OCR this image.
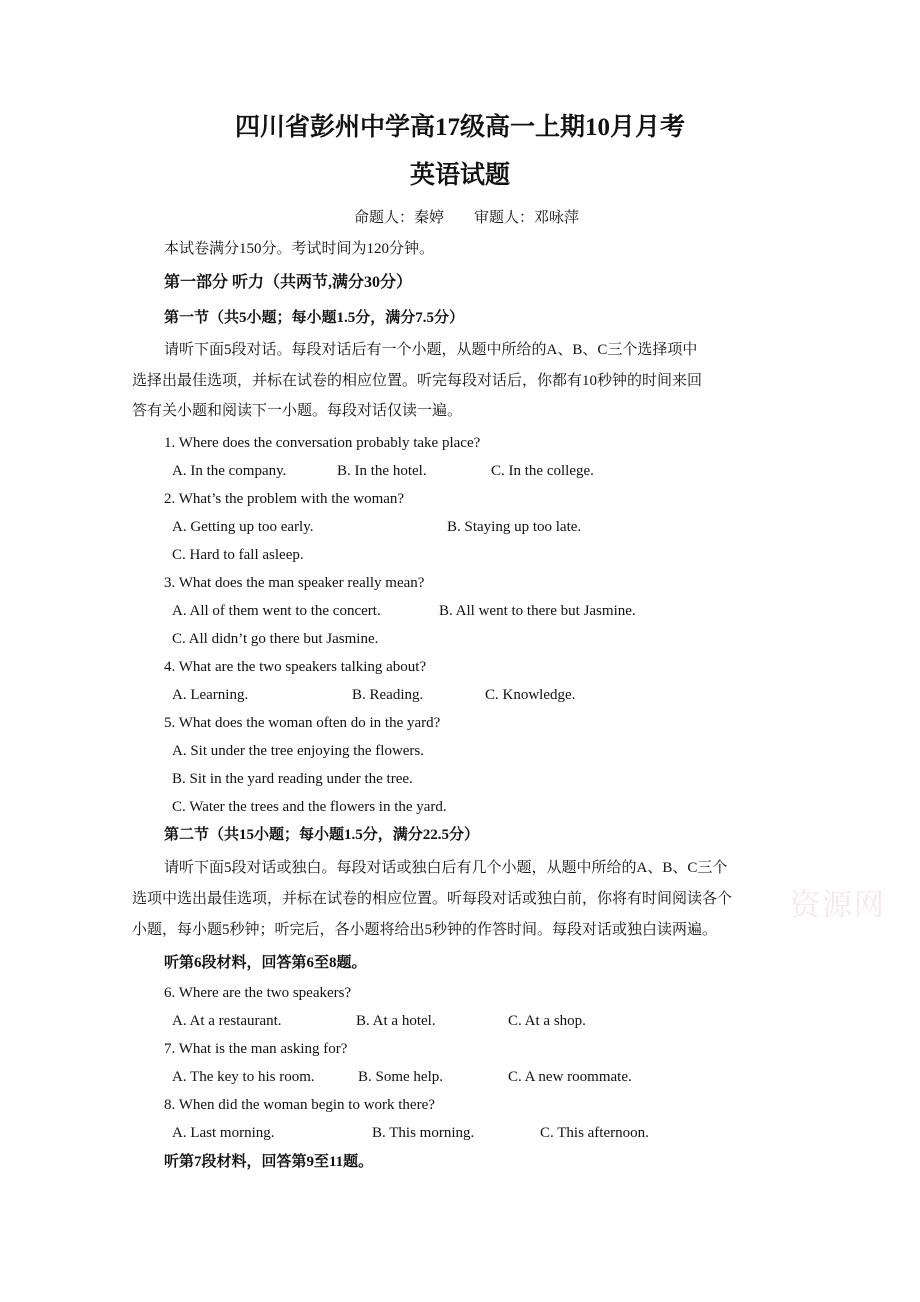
四川省彭州中学高17级高一上期10月月考
英语试题
命题人：秦婷　　审题人：邓咏萍
本试卷满分150分。考试时间为120分钟。
第一部分 听力（共两节,满分30分）
第一节（共5小题；每小题1.5分，满分7.5分）
请听下面5段对话。每段对话后有一个小题，从题中所给的A、B、C三个选择项中
选择出最佳选项，并标在试卷的相应位置。听完每段对话后，你都有10秒钟的时间来回
答有关小题和阅读下一小题。每段对话仅读一遍。
1. Where does the conversation probably take place?
A. In the company.	B. In the hotel.	C. In the college.
2. What’s the problem with the woman?
A. Getting up too early.	B. Staying up too late.
C. Hard to fall asleep.
3. What does the man speaker really mean?
A. All of them went to the concert.	B. All went to there but Jasmine.
C. All didn’t go there but Jasmine.
4. What are the two speakers talking about?
A. Learning.	B. Reading.	C. Knowledge.
5. What does the woman often do in the yard?
A. Sit under the tree enjoying the flowers.
B. Sit in the yard reading under the tree.
C. Water the trees and the flowers in the yard.
第二节（共15小题；每小题1.5分，满分22.5分）
请听下面5段对话或独白。每段对话或独白后有几个小题，从题中所给的A、B、C三个
选项中选出最佳选项，并标在试卷的相应位置。听每段对话或独白前，你将有时间阅读各个
小题，每小题5秒钟；听完后，各小题将给出5秒钟的作答时间。每段对话或独白读两遍。
资源网
听第6段材料，回答第6至8题。
6. Where are the two speakers?
A. At a restaurant.	B. At a hotel.	C. At a shop.
7. What is the man asking for?
A. The key to his room.	B. Some help.	C. A new roommate.
8. When did the woman begin to work there?
A. Last morning.	B. This morning.	C. This afternoon.
听第7段材料，回答第9至11题。
